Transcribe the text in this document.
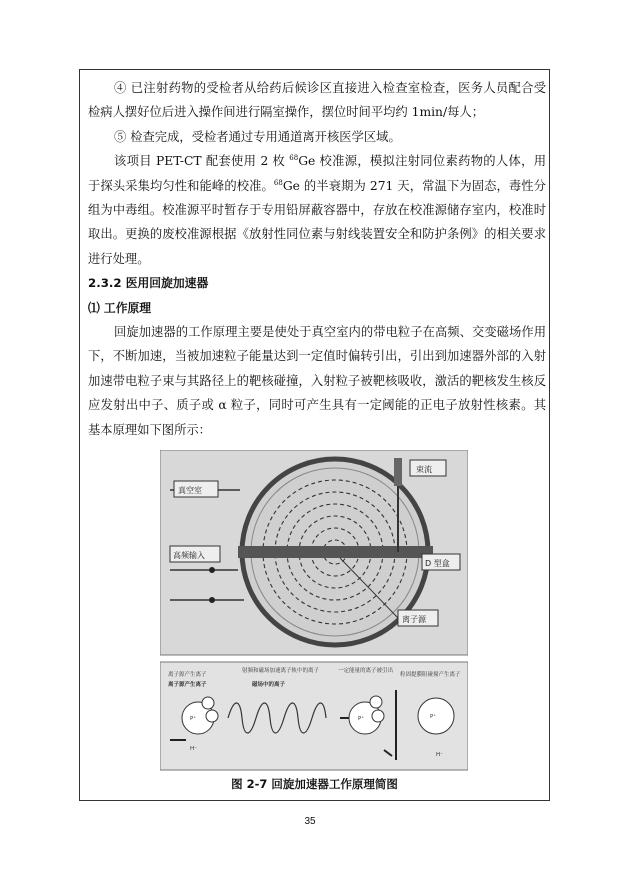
④ 已注射药物的受检者从给药后候诊区直接进入检查室检查，医务人员配合受检病人摆好位后进入操作间进行隔室操作，摆位时间平均约 1min/每人；

⑤ 检查完成，受检者通过专用通道离开核医学区域。

该项目 PET-CT 配套使用 2 枚 $^{68}$Ge 校准源，模拟注射同位素药物的人体，用于探头采集均匀性和能峰的校准。$^{68}$Ge 的半衰期为 271 天，常温下为固态，毒性分组为中毒组。校准源平时暂存于专用铅屏蔽容器中，存放在校准源储存室内，校准时取出。更换的废校准源根据《放射性同位素与射线装置安全和防护条例》的相关要求进行处理。

2.3.2 医用回旋加速器

⑴ 工作原理

回旋加速器的工作原理主要是使处于真空室内的带电粒子在高频、交变磁场作用下，不断加速，当被加速粒子能量达到一定值时偏转引出，引出到加速器外部的入射加速带电粒子束与其路径上的靶核碰撞，入射粒子被靶核吸收，激活的靶核发生核反应发射出中子、质子或 α 粒子，同时可产生具有一定阈能的正电子放射性核素。其基本原理如下图所示：

真空室
束流
高频输入
D 型盒
离子源
离子源产生离子
离子源产生离子
射频和磁场加速离子轨中的离子
磁场中的离子
一定能量的离子被引出
粒固提膜阻碰撞产生离子
P⁺
H⁻
P⁺	P⁺
H⁻
图 2-7 回旋加速器工作原理简图
35
